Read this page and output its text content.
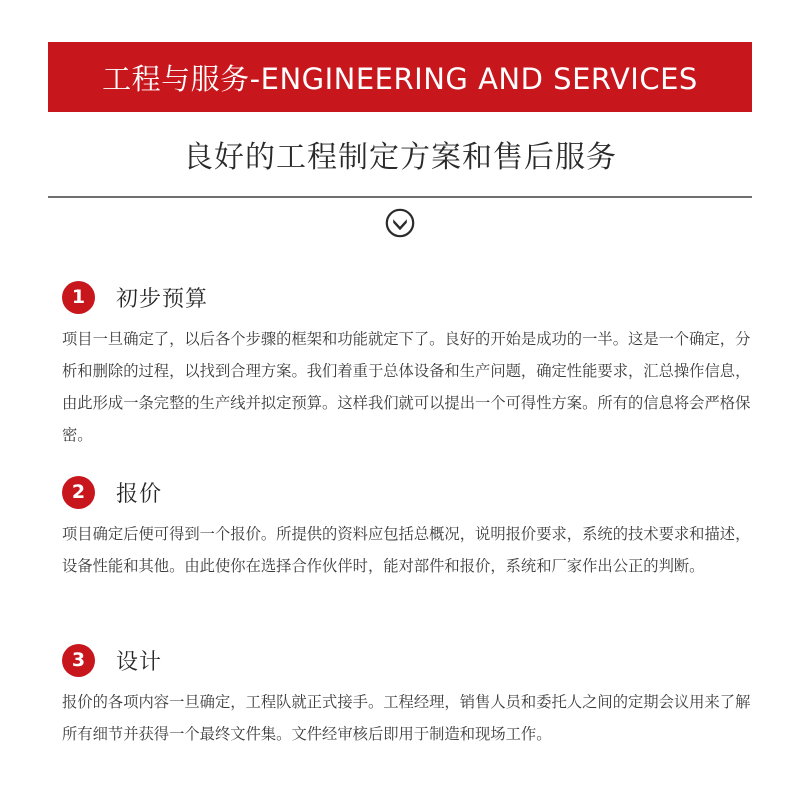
工程与服务-ENGINEERING AND SERVICES
良好的工程制定方案和售后服务
1	初步预算
项目一旦确定了，以后各个步骤的框架和功能就定下了。良好的开始是成功的一半。这是一个确定，分析和删除的过程，以找到合理方案。我们着重于总体设备和生产问题，确定性能要求，汇总操作信息，由此形成一条完整的生产线并拟定预算。这样我们就可以提出一个可得性方案。所有的信息将会严格保密。
2	报价
项目确定后便可得到一个报价。所提供的资料应包括总概况，说明报价要求，系统的技术要求和描述，设备性能和其他。由此使你在选择合作伙伴时，能对部件和报价，系统和厂家作出公正的判断。
3	设计
报价的各项内容一旦确定，工程队就正式接手。工程经理，销售人员和委托人之间的定期会议用来了解所有细节并获得一个最终文件集。文件经审核后即用于制造和现场工作。
